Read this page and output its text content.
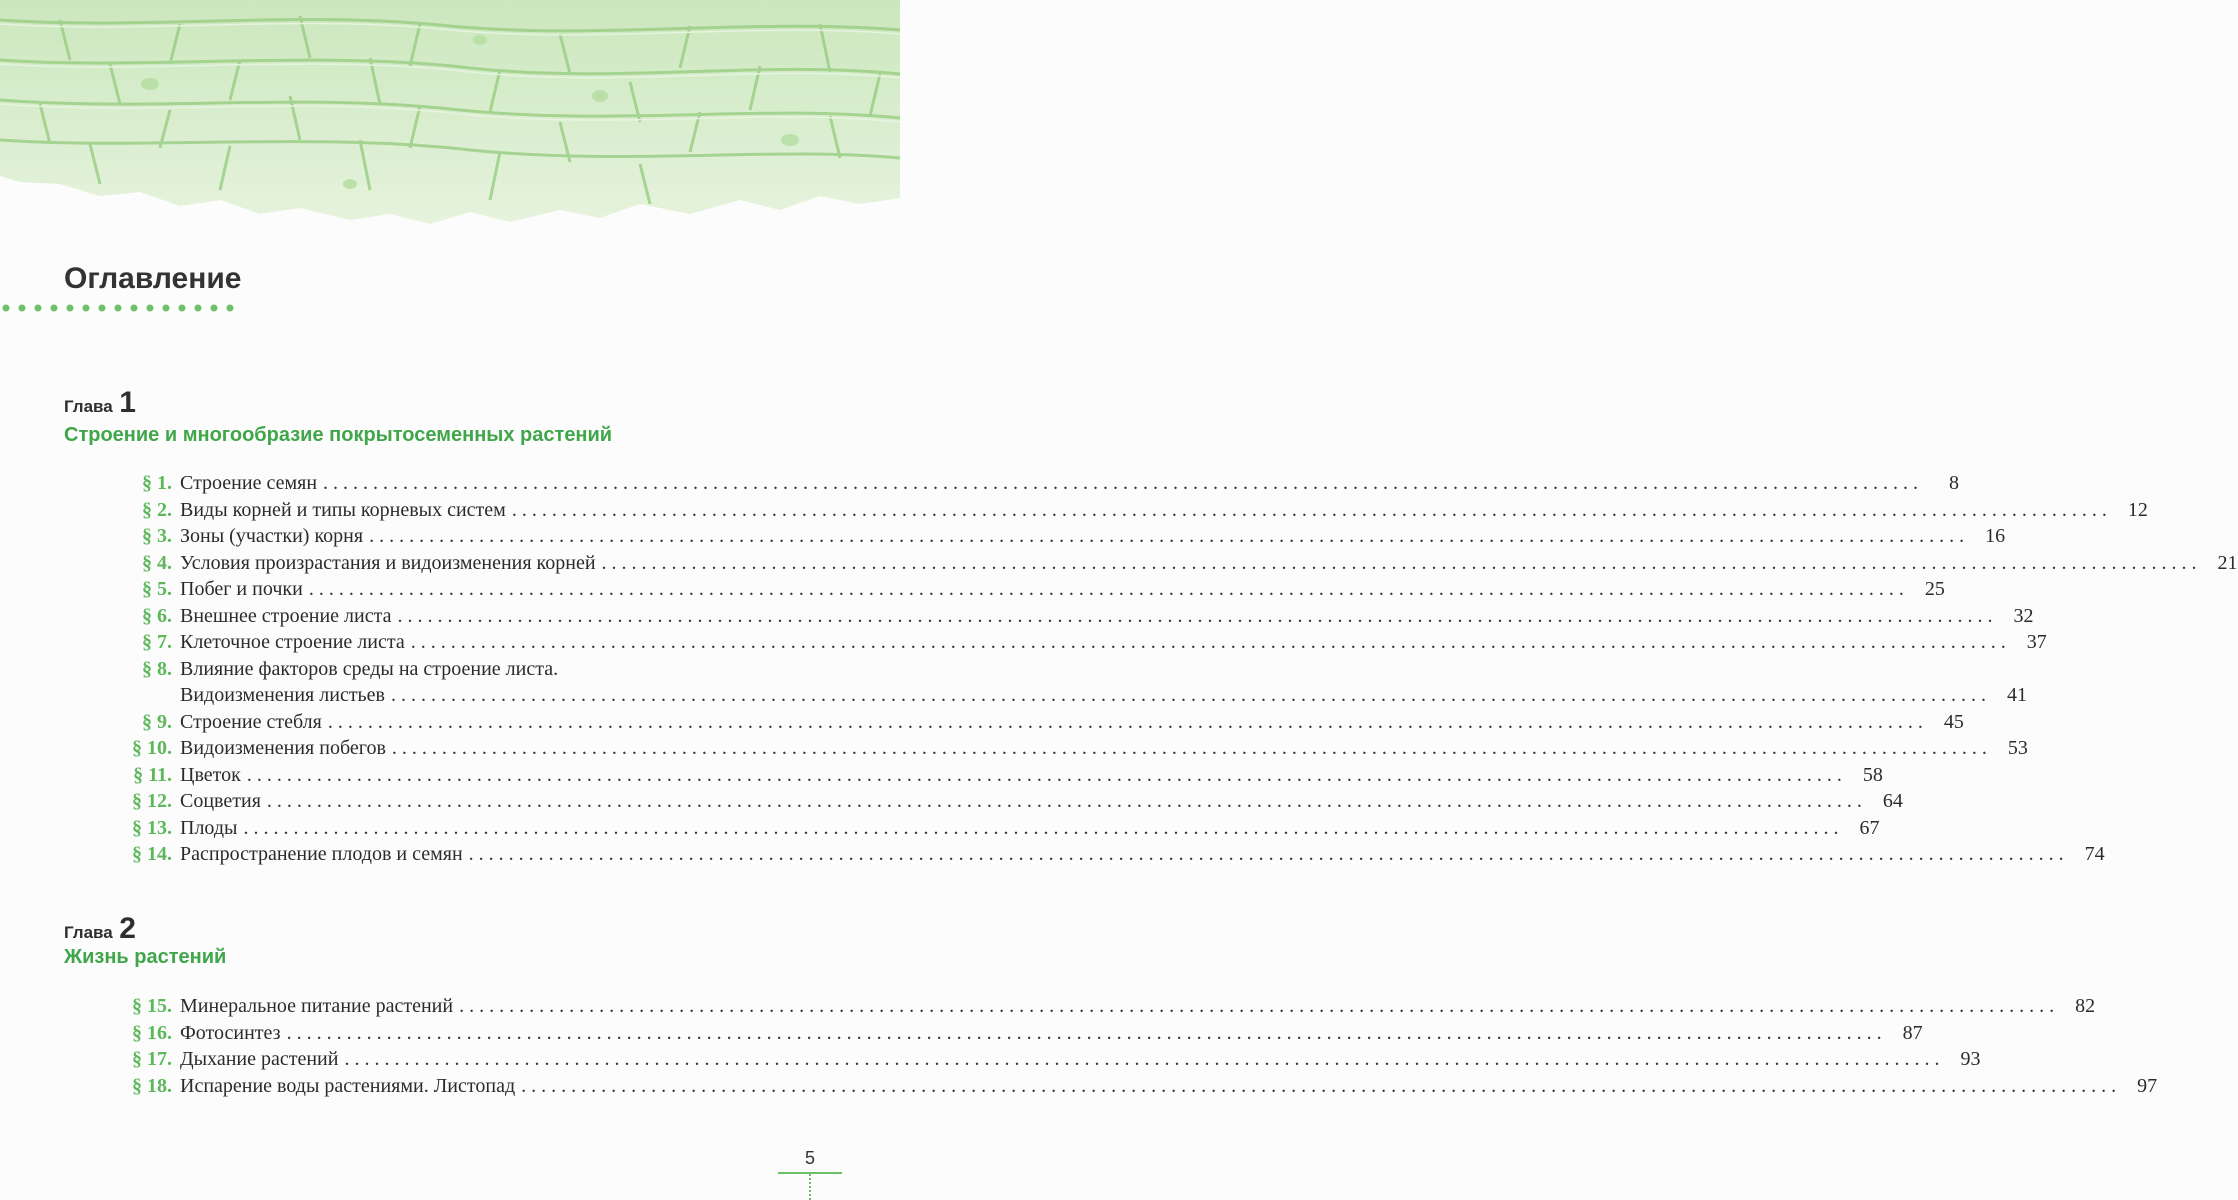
Оглавление
Глава 1
Строение и многообразие покрытосеменных растений
§ 1. Строение семян ................................................................................................................................................................	8
§ 2. Виды корней и типы корневых систем ................................................................................................................................................................ 12
§ 3. Зоны (участки) корня ................................................................................................................................................................ 16
§ 4. Условия произрастания и видоизменения корней ................................................................................................................................................................ 21
§ 5. Побег и почки ................................................................................................................................................................ 25
§ 6. Внешнее строение листа ................................................................................................................................................................ 32
§ 7. Клеточное строение листа ................................................................................................................................................................ 37
§ 8. Влияние факторов среды на строение листа.
Видоизменения листьев ................................................................................................................................................................ 41
§ 9. Строение стебля ................................................................................................................................................................ 45
§ 10. Видоизменения побегов ................................................................................................................................................................ 53
§ 11. Цветок ................................................................................................................................................................ 58
§ 12. Соцветия ................................................................................................................................................................ 64
§ 13. Плоды ................................................................................................................................................................ 67
§ 14. Распространение плодов и семян ................................................................................................................................................................ 74
Глава 2
Жизнь растений
§ 15. Минеральное питание растений ................................................................................................................................................................ 82
§ 16. Фотосинтез ................................................................................................................................................................ 87
§ 17. Дыхание растений ................................................................................................................................................................ 93
§ 18. Испарение воды растениями. Листопад ................................................................................................................................................................ 97
5
